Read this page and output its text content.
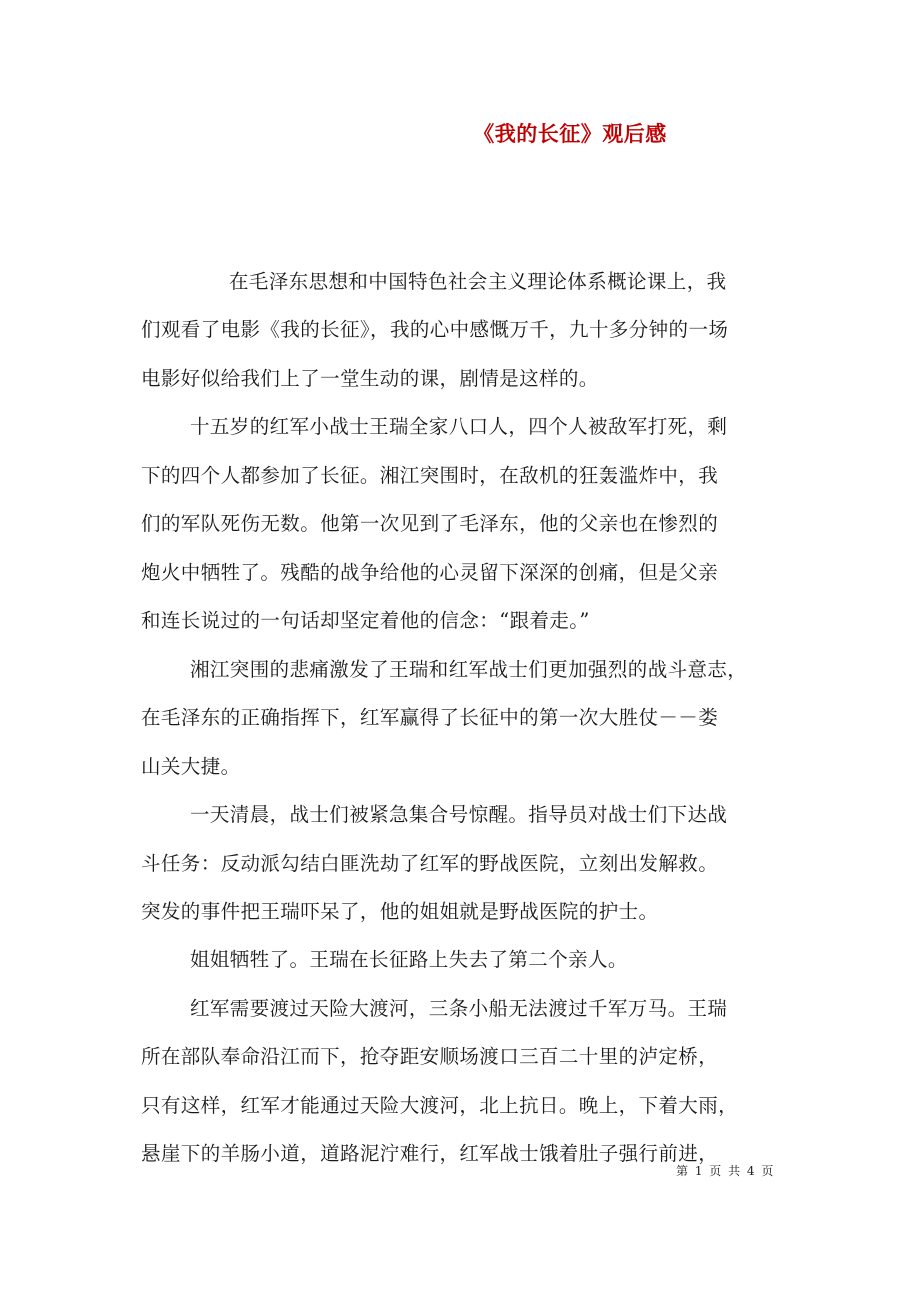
《我的长征》观后感
在毛泽东思想和中国特色社会主义理论体系概论课上，我
们观看了电影《我的长征》，我的心中感慨万千，九十多分钟的一场
电影好似给我们上了一堂生动的课，剧情是这样的。
十五岁的红军小战士王瑞全家八口人，四个人被敌军打死，剩
下的四个人都参加了长征。湘江突围时，在敌机的狂轰滥炸中，我
们的军队死伤无数。他第一次见到了毛泽东，他的父亲也在惨烈的
炮火中牺牲了。残酷的战争给他的心灵留下深深的创痛，但是父亲
和连长说过的一句话却坚定着他的信念：“跟着走。”
湘江突围的悲痛激发了王瑞和红军战士们更加强烈的战斗意志，
在毛泽东的正确指挥下，红军赢得了长征中的第一次大胜仗－－娄
山关大捷。
一天清晨，战士们被紧急集合号惊醒。指导员对战士们下达战
斗任务：反动派勾结白匪洗劫了红军的野战医院，立刻出发解救。
突发的事件把王瑞吓呆了，他的姐姐就是野战医院的护士。
姐姐牺牲了。王瑞在长征路上失去了第二个亲人。
红军需要渡过天险大渡河，三条小船无法渡过千军万马。王瑞
所在部队奉命沿江而下，抢夺距安顺场渡口三百二十里的泸定桥，
只有这样，红军才能通过天险大渡河，北上抗日。晚上，下着大雨，
悬崖下的羊肠小道，道路泥泞难行，红军战士饿着肚子强行前进，
第 1 页 共 4 页
